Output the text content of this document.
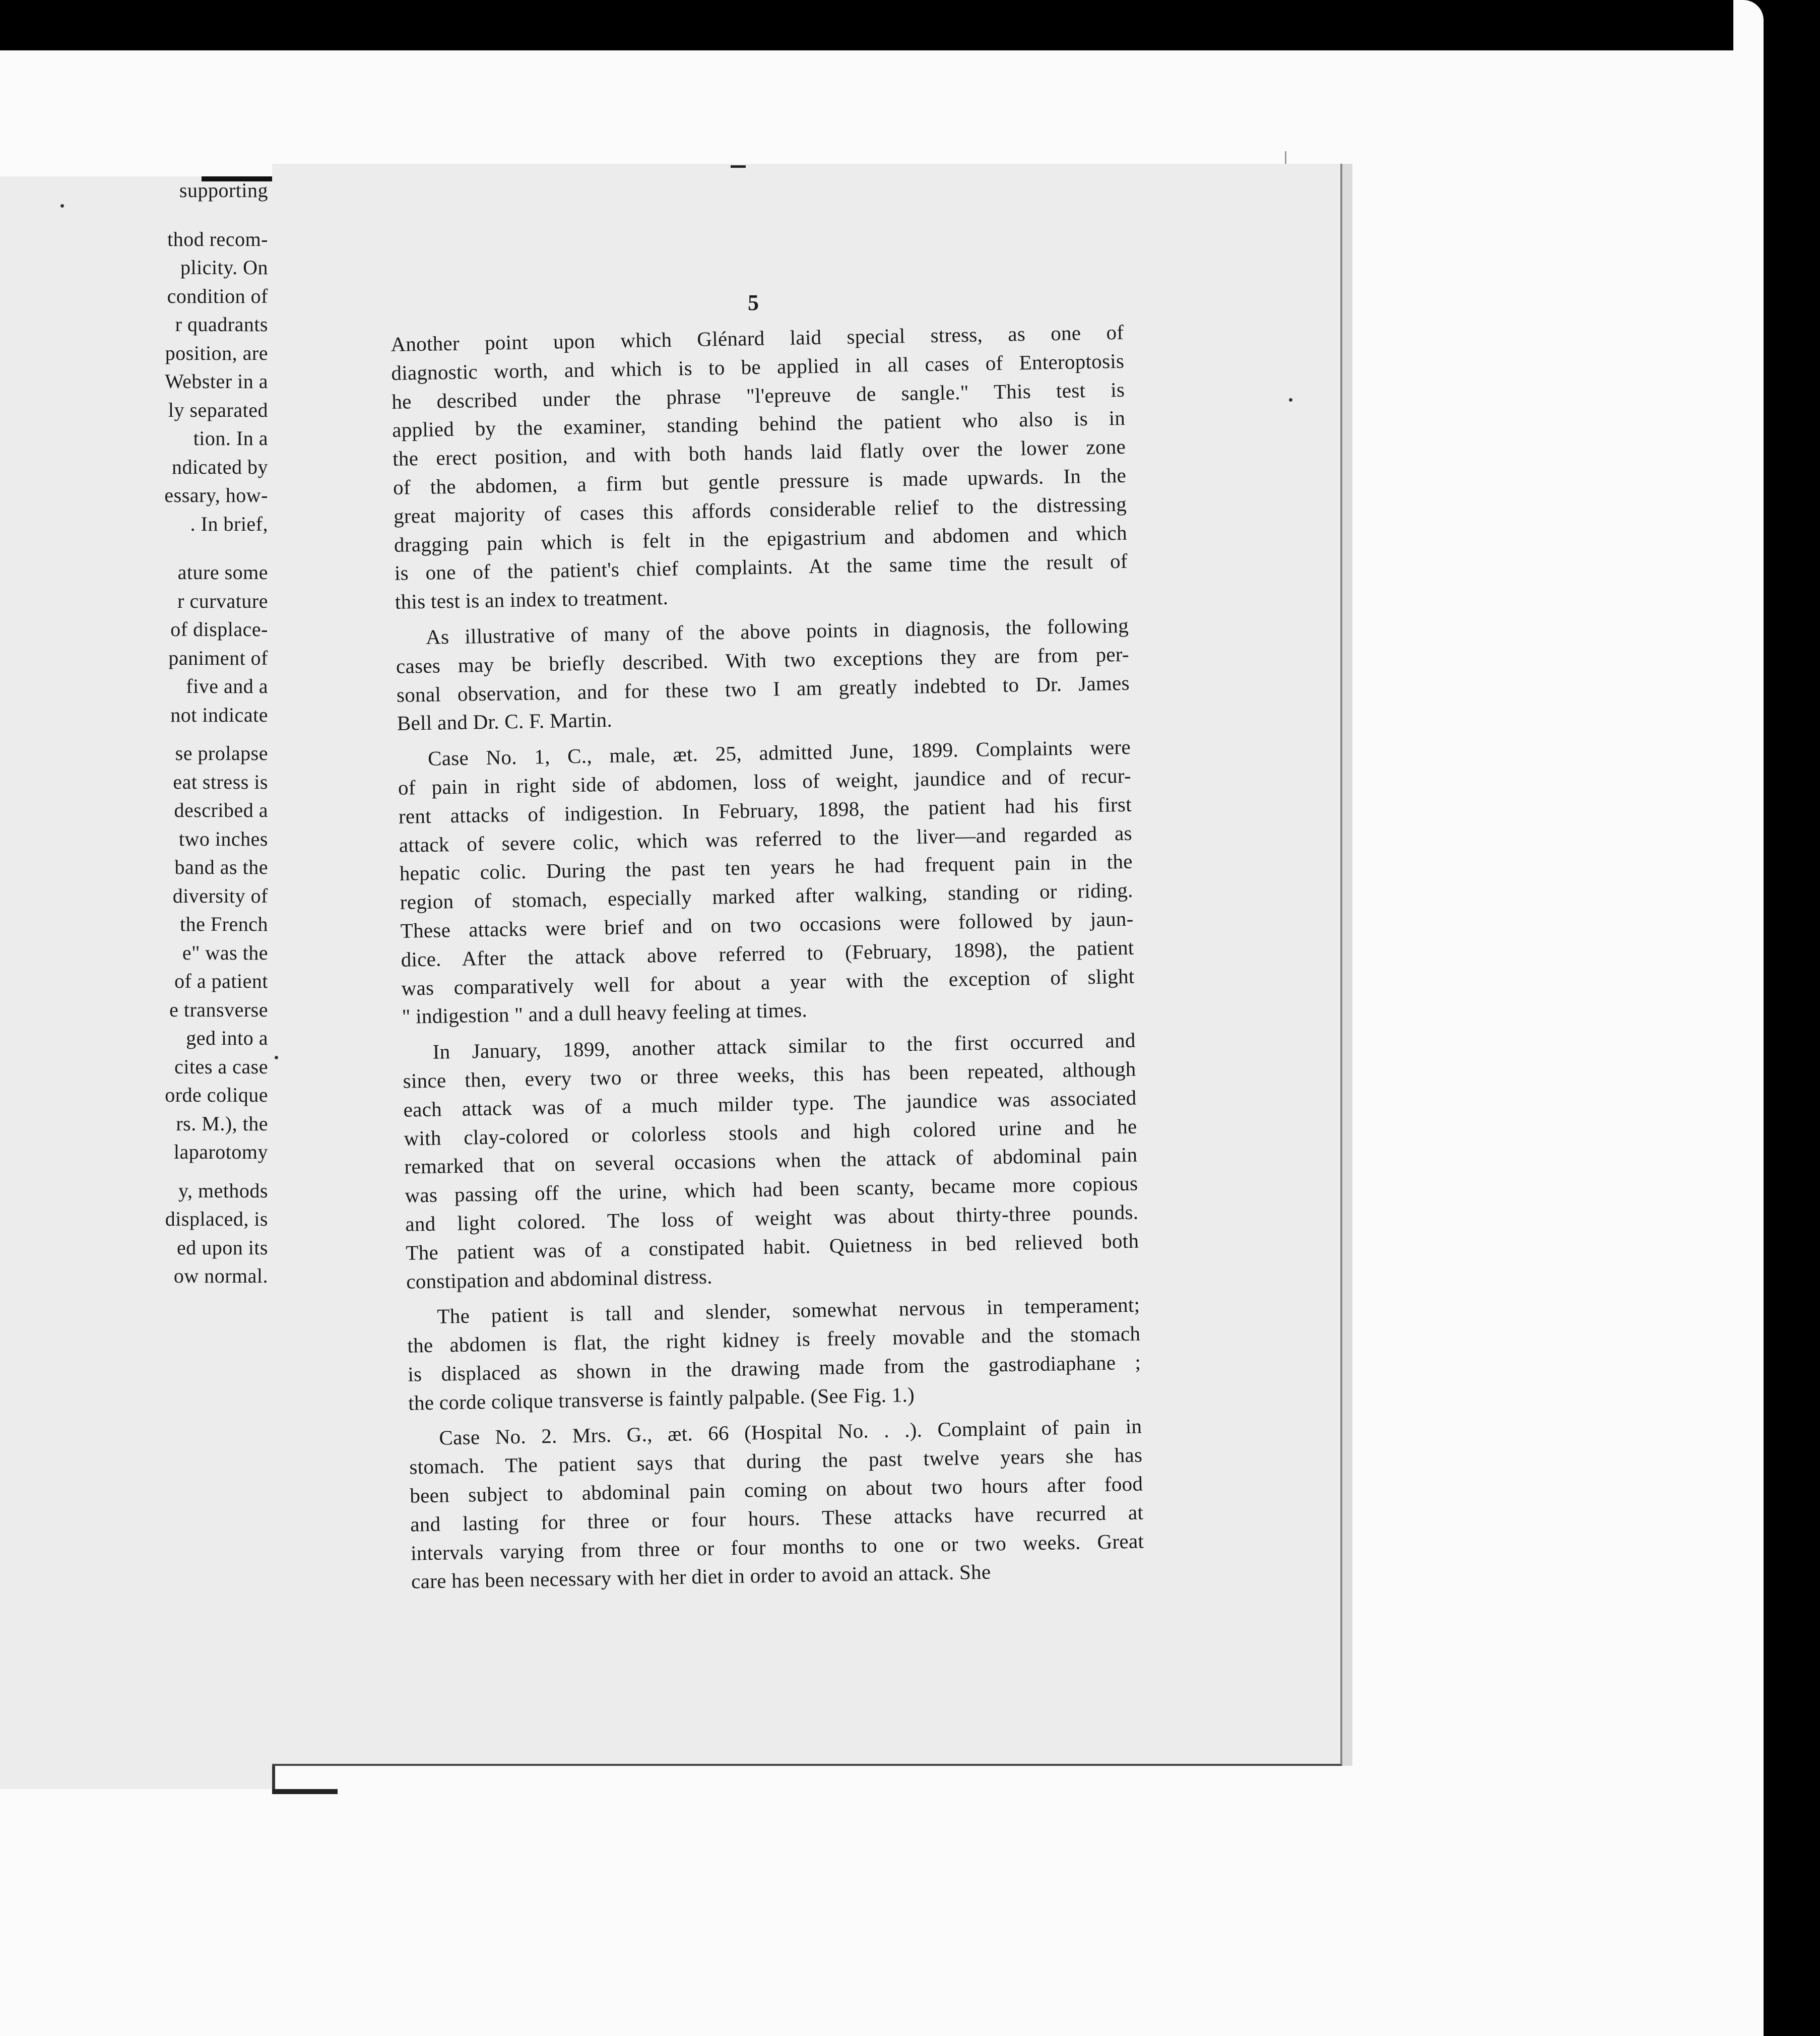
supporting
thod recom-
plicity. On
condition of
r quadrants
position, are
Webster in a
ly separated
tion. In a
ndicated by
essary, how-
. In brief,
ature some
r curvature
of displace-
paniment of
five and a
not indicate
se prolapse
eat stress is
described a
two inches
band as the
diversity of
the French
e" was the
of a patient
e transverse
ged into a
cites a case
orde colique
rs. M.), the
laparotomy
y, methods
displaced, is
ed upon its
ow normal.
5
Another point upon which Glénard laid special stress, as one of
diagnostic worth, and which is to be applied in all cases of Enteroptosis
he described under the phrase "l'epreuve de sangle." This test is
applied by the examiner, standing behind the patient who also is in
the erect position, and with both hands laid flatly over the lower zone
of the abdomen, a firm but gentle pressure is made upwards. In the
great majority of cases this affords considerable relief to the distressing
dragging pain which is felt in the epigastrium and abdomen and which
is one of the patient's chief complaints. At the same time the result of
this test is an index to treatment.
As illustrative of many of the above points in diagnosis, the following
cases may be briefly described. With two exceptions they are from per-
sonal observation, and for these two I am greatly indebted to Dr. James
Bell and Dr. C. F. Martin.
Case No. 1, C., male, æt. 25, admitted June, 1899. Complaints were
of pain in right side of abdomen, loss of weight, jaundice and of recur-
rent attacks of indigestion. In February, 1898, the patient had his first
attack of severe colic, which was referred to the liver—and regarded as
hepatic colic. During the past ten years he had frequent pain in the
region of stomach, especially marked after walking, standing or riding.
These attacks were brief and on two occasions were followed by jaun-
dice. After the attack above referred to (February, 1898), the patient
was comparatively well for about a year with the exception of slight
" indigestion " and a dull heavy feeling at times.
In January, 1899, another attack similar to the first occurred and
since then, every two or three weeks, this has been repeated, although
each attack was of a much milder type. The jaundice was associated
with clay-colored or colorless stools and high colored urine and he
remarked that on several occasions when the attack of abdominal pain
was passing off the urine, which had been scanty, became more copious
and light colored. The loss of weight was about thirty-three pounds.
The patient was of a constipated habit. Quietness in bed relieved both
constipation and abdominal distress.
The patient is tall and slender, somewhat nervous in temperament;
the abdomen is flat, the right kidney is freely movable and the stomach
is displaced as shown in the drawing made from the gastrodiaphane ;
the corde colique transverse is faintly palpable. (See Fig. 1.)
Case No. 2. Mrs. G., æt. 66 (Hospital No. . .). Complaint of pain in
stomach. The patient says that during the past twelve years she has
been subject to abdominal pain coming on about two hours after food
and lasting for three or four hours. These attacks have recurred at
intervals varying from three or four months to one or two weeks. Great
care has been necessary with her diet in order to avoid an attack. She
